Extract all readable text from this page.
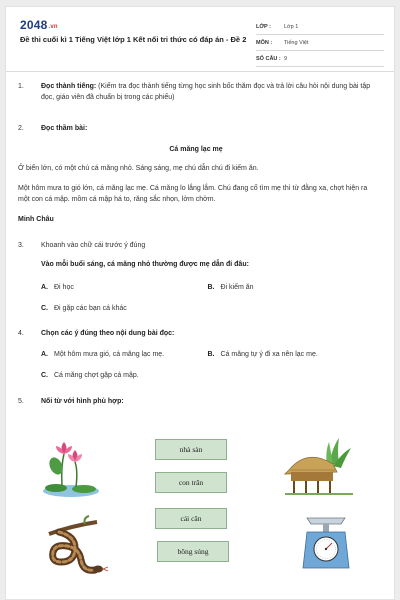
2048.vn
Đề thi cuối kì 1 Tiếng Việt lớp 1 Kết nối tri thức có đáp án - Đề 2
LỚP :	Lớp 1
MÔN :	Tiếng Việt
SỐ CÂU : 9
1. Đọc thành tiếng: (Kiểm tra đọc thành tiếng từng học sinh bốc thăm đọc và trả lời câu hỏi nội dung bài tập đọc, giáo viên đã chuẩn bị trong các phiếu)
2. Đọc thầm bài:
Cá măng lạc mẹ
Ở biển lớn, có một chú cá măng nhỏ. Sáng sáng, mẹ chú dẫn chú đi kiếm ăn.
Một hôm mưa to gió lớn, cá măng lạc mẹ. Cá măng lo lắng lắm. Chú đang cố tìm mẹ thì từ đằng xa, chợt hiện ra một con cá mập. mồm cá mập há to, răng sắc nhọn, lởm chởm.
Minh Châu
3. Khoanh vào chữ cái trước ý đúng
Vào mỗi buổi sáng, cá măng nhỏ thường được mẹ dẫn đi đâu:
A. Đi học	B. Đi kiếm ăn
C. Đi gặp các bạn cá khác
4. Chọn các ý đúng theo nội dung bài đọc:
A. Một hôm mưa gió, cá măng lạc mẹ.	B. Cá măng tự ý đi xa nên lạc mẹ.
C. Cá măng chợt gặp cá mập.
5. Nối từ với hình phù hợp:
nhà sàn
con trăn
cái cân
bông súng
